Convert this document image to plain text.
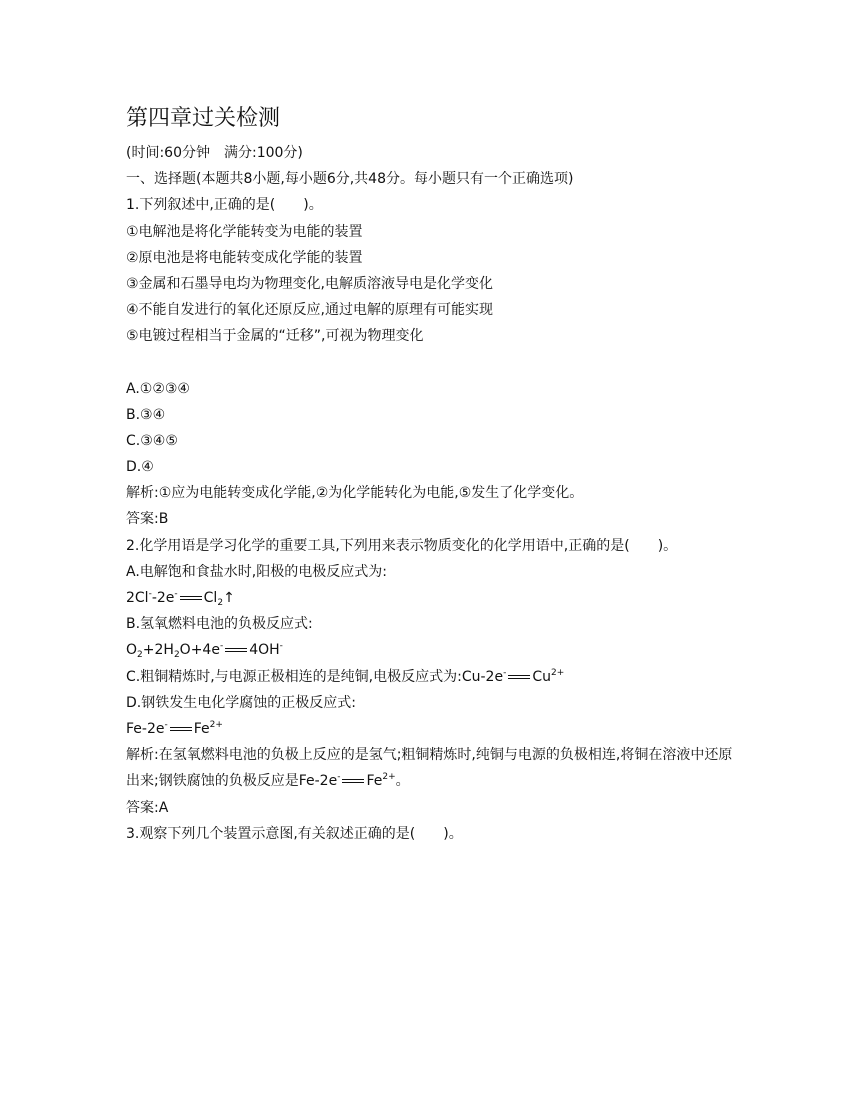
第四章过关检测
(时间:60分钟　满分:100分)
一、选择题(本题共8小题,每小题6分,共48分。每小题只有一个正确选项)
1.下列叙述中,正确的是(　　)。
①电解池是将化学能转变为电能的装置
②原电池是将电能转变成化学能的装置
③金属和石墨导电均为物理变化,电解质溶液导电是化学变化
④不能自发进行的氧化还原反应,通过电解的原理有可能实现
⑤电镀过程相当于金属的“迁移”,可视为物理变化
A.①②③④
B.③④
C.③④⑤
D.④
解析:①应为电能转变成化学能,②为化学能转化为电能,⑤发生了化学变化。
答案:B
2.化学用语是学习化学的重要工具,下列用来表示物质变化的化学用语中,正确的是(　　)。
A.电解饱和食盐水时,阳极的电极反应式为:
2Cl--2e- $Cl_2↑$
B.氢氧燃料电池的负极反应式:
$O_2+2H_2O+4e^-$ 4OH-
C.粗铜精炼时,与电源正极相连的是纯铜,电极反应式为:Cu-2e- $Cu^{2+}$
D.钢铁发生电化学腐蚀的正极反应式:
Fe-2e- $Fe^{2+}$
解析:在氢氧燃料电池的负极上反应的是氢气;粗铜精炼时,纯铜与电源的负极相连,将铜在溶液中还原出来;钢铁腐蚀的负极反应是Fe-2e- $Fe^{2+}$。
答案:A
3.观察下列几个装置示意图,有关叙述正确的是(　　)。
